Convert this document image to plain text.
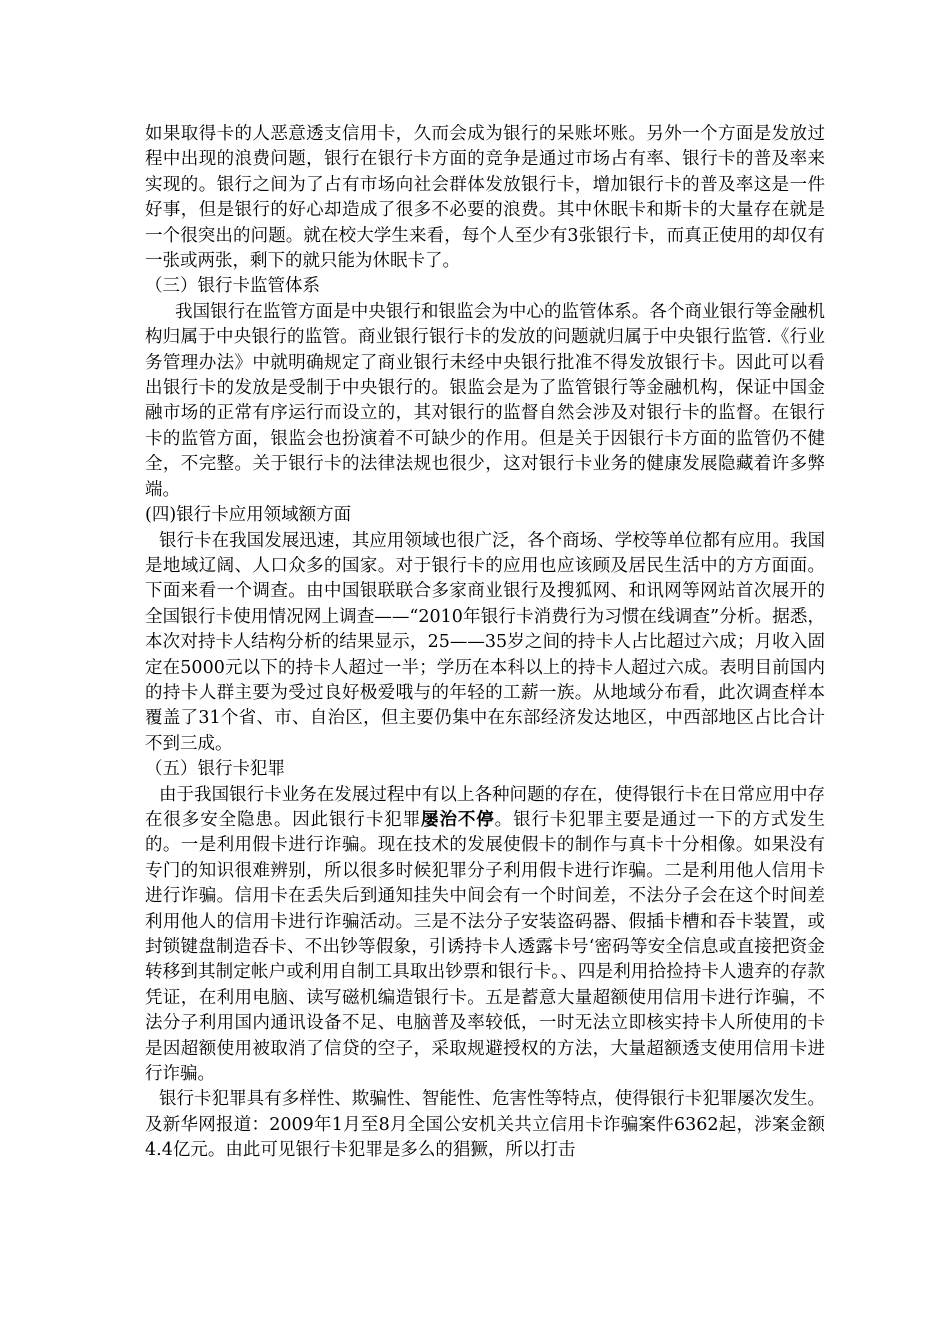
如果取得卡的人恶意透支信用卡，久而会成为银行的呆账坏账。另外一个方面是发放过程中出现的浪费问题，银行在银行卡方面的竞争是通过市场占有率、银行卡的普及率来实现的。银行之间为了占有市场向社会群体发放银行卡，增加银行卡的普及率这是一件好事，但是银行的好心却造成了很多不必要的浪费。其中休眠卡和斯卡的大量存在就是一个很突出的问题。就在校大学生来看，每个人至少有3张银行卡，而真正使用的却仅有一张或两张，剩下的就只能为休眠卡了。

（三）银行卡监管体系

我国银行在监管方面是中央银行和银监会为中心的监管体系。各个商业银行等金融机构归属于中央银行的监管。商业银行银行卡的发放的问题就归属于中央银行监管.《行业务管理办法》中就明确规定了商业银行未经中央银行批准不得发放银行卡。因此可以看出银行卡的发放是受制于中央银行的。银监会是为了监管银行等金融机构，保证中国金融市场的正常有序运行而设立的，其对银行的监督自然会涉及对银行卡的监督。在银行卡的监管方面，银监会也扮演着不可缺少的作用。但是关于因银行卡方面的监管仍不健全，不完整。关于银行卡的法律法规也很少，这对银行卡业务的健康发展隐藏着许多弊端。

(四)银行卡应用领域额方面

银行卡在我国发展迅速，其应用领域也很广泛，各个商场、学校等单位都有应用。我国是地域辽阔、人口众多的国家。对于银行卡的应用也应该顾及居民生活中的方方面面。下面来看一个调查。由中国银联联合多家商业银行及搜狐网、和讯网等网站首次展开的全国银行卡使用情况网上调查——“2010年银行卡消费行为习惯在线调查”分析。据悉，本次对持卡人结构分析的结果显示，25——35岁之间的持卡人占比超过六成；月收入固定在5000元以下的持卡人超过一半；学历在本科以上的持卡人超过六成。表明目前国内的持卡人群主要为受过良好极爱哦与的年轻的工薪一族。从地域分布看，此次调查样本覆盖了31个省、市、自治区，但主要仍集中在东部经济发达地区，中西部地区占比合计不到三成。

（五）银行卡犯罪

由于我国银行卡业务在发展过程中有以上各种问题的存在，使得银行卡在日常应用中存在很多安全隐患。因此银行卡犯罪屡治不停。银行卡犯罪主要是通过一下的方式发生的。一是利用假卡进行诈骗。现在技术的发展使假卡的制作与真卡十分相像。如果没有专门的知识很难辨别，所以很多时候犯罪分子利用假卡进行诈骗。二是利用他人信用卡进行诈骗。信用卡在丢失后到通知挂失中间会有一个时间差，不法分子会在这个时间差利用他人的信用卡进行诈骗活动。三是不法分子安装盗码器、假插卡槽和吞卡装置，或封锁键盘制造吞卡、不出钞等假象，引诱持卡人透露卡号‘密码等安全信息或直接把资金转移到其制定帐户或利用自制工具取出钞票和银行卡。、四是利用拾捡持卡人遗弃的存款凭证，在利用电脑、读写磁机编造银行卡。五是蓄意大量超额使用信用卡进行诈骗，不法分子利用国内通讯设备不足、电脑普及率较低，一时无法立即核实持卡人所使用的卡是因超额使用被取消了信贷的空子，采取规避授权的方法，大量超额透支使用信用卡进行诈骗。

银行卡犯罪具有多样性、欺骗性、智能性、危害性等特点，使得银行卡犯罪屡次发生。及新华网报道：2009年1月至8月全国公安机关共立信用卡诈骗案件6362起，涉案金额4.4亿元。由此可见银行卡犯罪是多么的猖獗，所以打击
